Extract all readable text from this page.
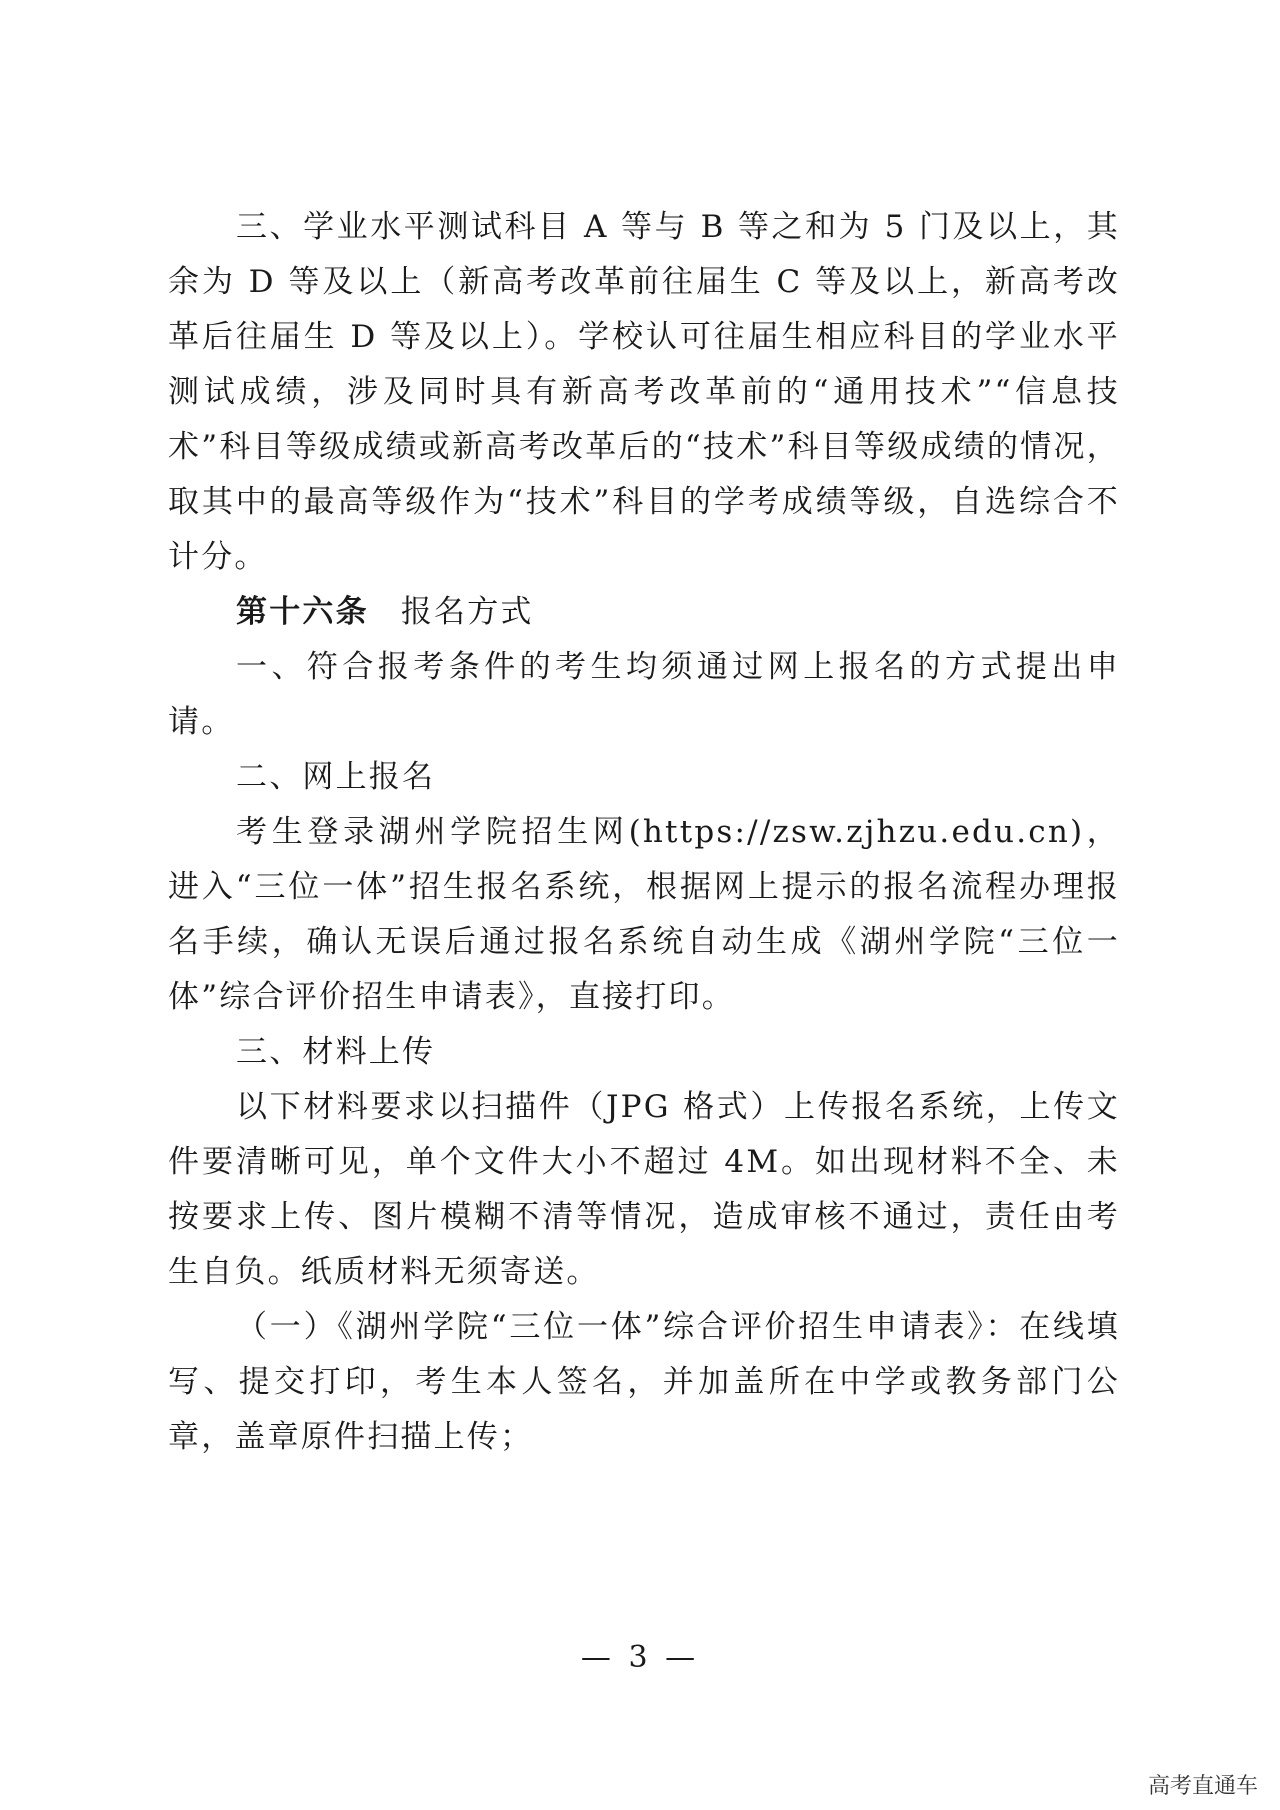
三、学业水平测试科目 A 等与 B 等之和为 5 门及以上，其余为 D 等及以上（新高考改革前往届生 C 等及以上，新高考改革后往届生 D 等及以上）。学校认可往届生相应科目的学业水平测试成绩，涉及同时具有新高考改革前的“通用技术”“信息技术”科目等级成绩或新高考改革后的“技术”科目等级成绩的情况，取其中的最高等级作为“技术”科目的学考成绩等级，自选综合不计分。

第十六条 报名方式

一、符合报考条件的考生均须通过网上报名的方式提出申请。

二、网上报名

考生登录湖州学院招生网(https://zsw.zjhzu.edu.cn)，进入“三位一体”招生报名系统，根据网上提示的报名流程办理报名手续，确认无误后通过报名系统自动生成《湖州学院“三位一体”综合评价招生申请表》，直接打印。

三、材料上传

以下材料要求以扫描件（JPG 格式）上传报名系统，上传文件要清晰可见，单个文件大小不超过 4M。如出现材料不全、未按要求上传、图片模糊不清等情况，造成审核不通过，责任由考生自负。纸质材料无须寄送。

（一）《湖州学院“三位一体”综合评价招生申请表》：在线填写、提交打印，考生本人签名，并加盖所在中学或教务部门公章，盖章原件扫描上传；

— 3 —
高考直通车
